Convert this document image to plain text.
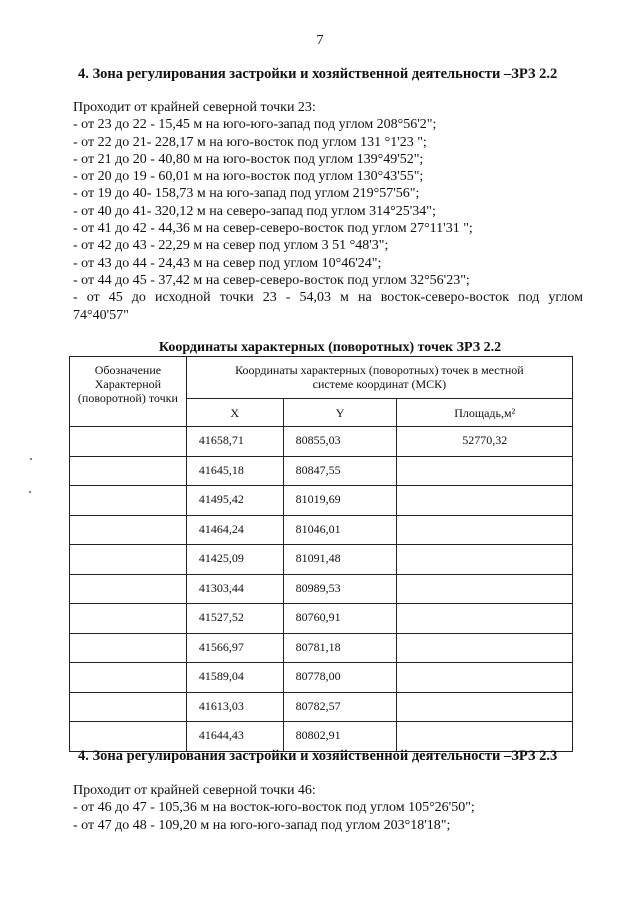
7
4. Зона регулирования застройки и хозяйственной деятельности –ЗРЗ 2.2
Проходит от крайней северной точки 23:
- от 23 до 22 - 15,45 м на юго-юго-запад под углом 208°56'2";
- от 22 до 21- 228,17 м на юго-восток под углом 131 °1'23 ";
- от 21 до 20 - 40,80 м на юго-восток под углом 139°49'52";
- от 20 до 19 - 60,01 м на юго-восток под углом 130°43'55";
- от 19 до 40- 158,73 м на юго-запад под углом 219°57'56";
- от 40 до 41- 320,12 м на северо-запад под углом 314°25'34";
- от 41 до 42 - 44,36 м на север-северо-восток под углом 27°11'31 ";
- от 42 до 43 - 22,29 м на север под углом 3 51 °48'3";
- от 43 до 44 - 24,43 м на север под углом 10°46'24";
- от 44 до 45 - 37,42 м на север-северо-восток под углом 32°56'23";
- от 45 до исходной точки 23 - 54,03 м на восток-северо-восток под углом
74°40'57"
Координаты характерных (поворотных) точек ЗРЗ 2.2
Обозначение Характерной (поворотной) точки	Координаты характерных (поворотных) точек в местной системе координат (МСК)		
	X	Y	Площадь,м²
	41658,71	80855,03	52770,32
	41645,18	80847,55	
	41495,42	81019,69	
	41464,24	81046,01	
	41425,09	81091,48	
	41303,44	80989,53	
	41527,52	80760,91	
	41566,97	80781,18	
	41589,04	80778,00	
	41613,03	80782,57	
	41644,43	80802,91	
4. Зона регулирования застройки и хозяйственной деятельности –ЗРЗ 2.3
Проходит от крайней северной точки 46:
- от 46 до 47 - 105,36 м на восток-юго-восток под углом 105°26'50";
- от 47 до 48 - 109,20 м на юго-юго-запад под углом 203°18'18";
